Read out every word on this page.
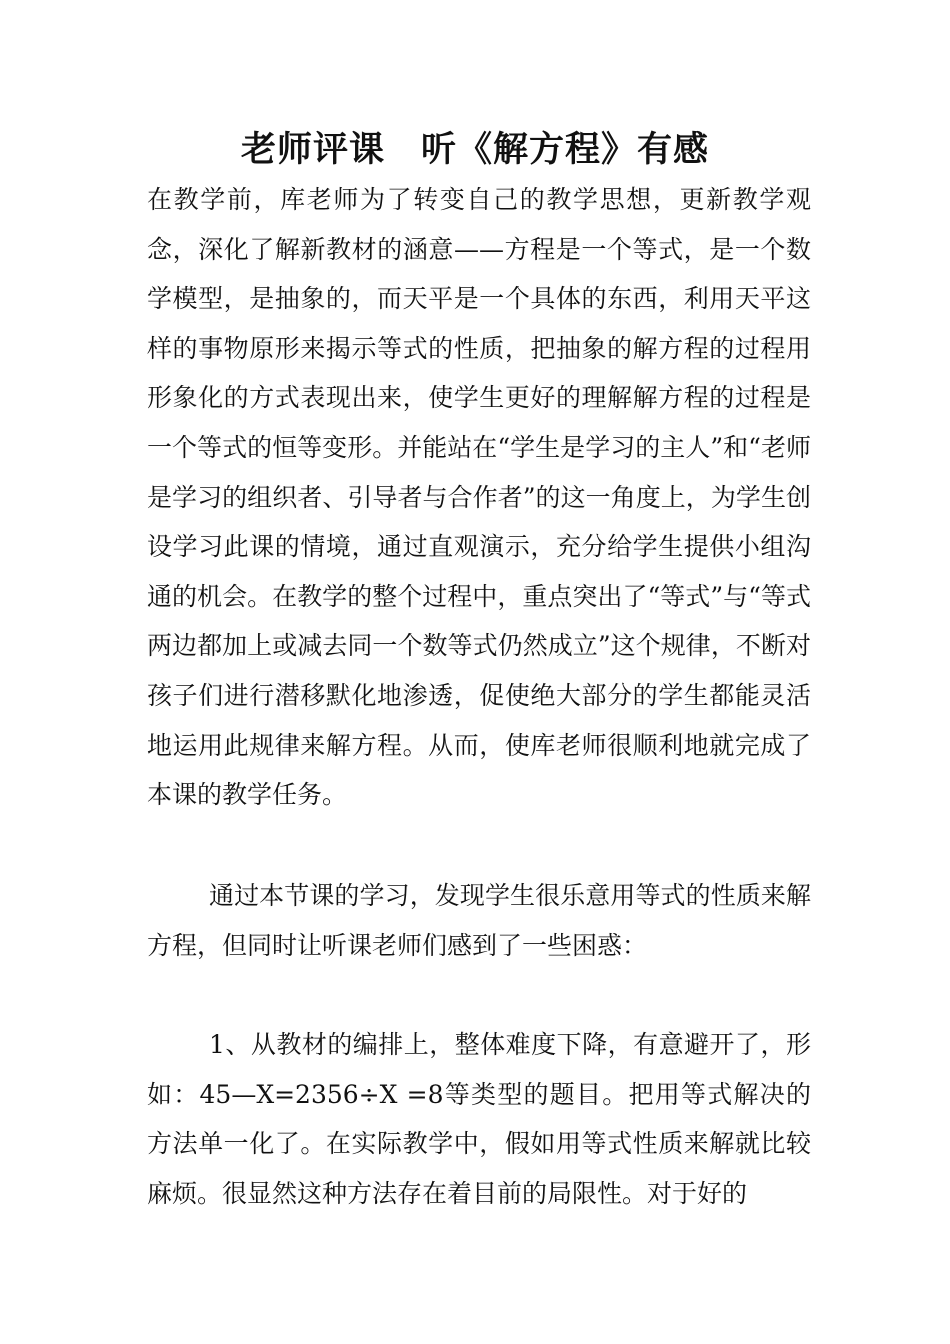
老师评课　听《解方程》有感

在教学前，库老师为了转变自己的教学思想，更新教学观念，深化了解新教材的涵意——方程是一个等式，是一个数学模型，是抽象的，而天平是一个具体的东西，利用天平这样的事物原形来揭示等式的性质，把抽象的解方程的过程用形象化的方式表现出来，使学生更好的理解解方程的过程是一个等式的恒等变形。并能站在“学生是学习的主人”和“老师是学习的组织者、引导者与合作者”的这一角度上，为学生创设学习此课的情境，通过直观演示，充分给学生提供小组沟通的机会。在教学的整个过程中，重点突出了“等式”与“等式两边都加上或减去同一个数等式仍然成立”这个规律，不断对孩子们进行潜移默化地渗透，促使绝大部分的学生都能灵活地运用此规律来解方程。从而，使库老师很顺利地就完成了本课的教学任务。

通过本节课的学习，发现学生很乐意用等式的性质来解方程，但同时让听课老师们感到了一些困惑：

1、从教材的编排上，整体难度下降，有意避开了，形如：45—X=2356÷X =8等类型的题目。把用等式解决的方法单一化了。在实际教学中，假如用等式性质来解就比较麻烦。很显然这种方法存在着目前的局限性。对于好的
